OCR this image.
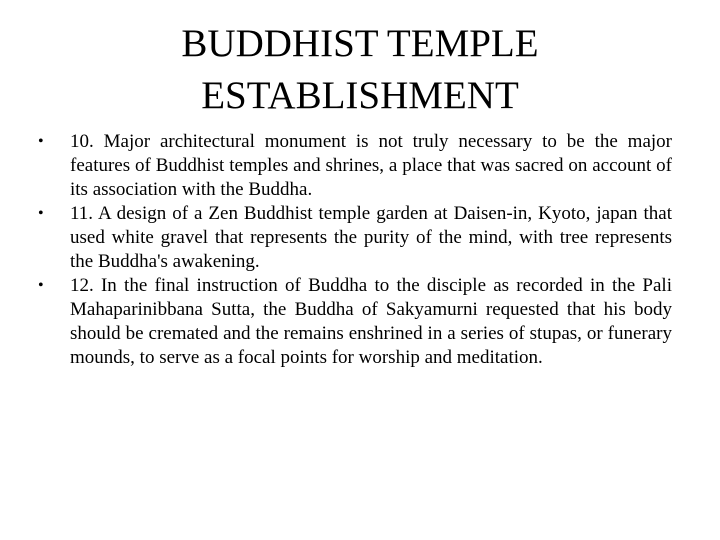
BUDDHIST TEMPLE
ESTABLISHMENT
•	10. Major architectural monument is not truly necessary to be the major features of Buddhist temples and shrines, a place that was sacred on account of its association with the Buddha.
•	11. A design of a Zen Buddhist temple garden at Daisen-in, Kyoto, japan that used white gravel that represents the purity of the mind, with tree represents the Buddha's awakening.
•	12. In the final instruction of Buddha to the disciple as recorded in the Pali Mahaparinibbana Sutta, the Buddha of Sakyamurni requested that his body should be cremated and the remains enshrined in a series of stupas, or funerary mounds, to serve as a focal points for worship and meditation.
